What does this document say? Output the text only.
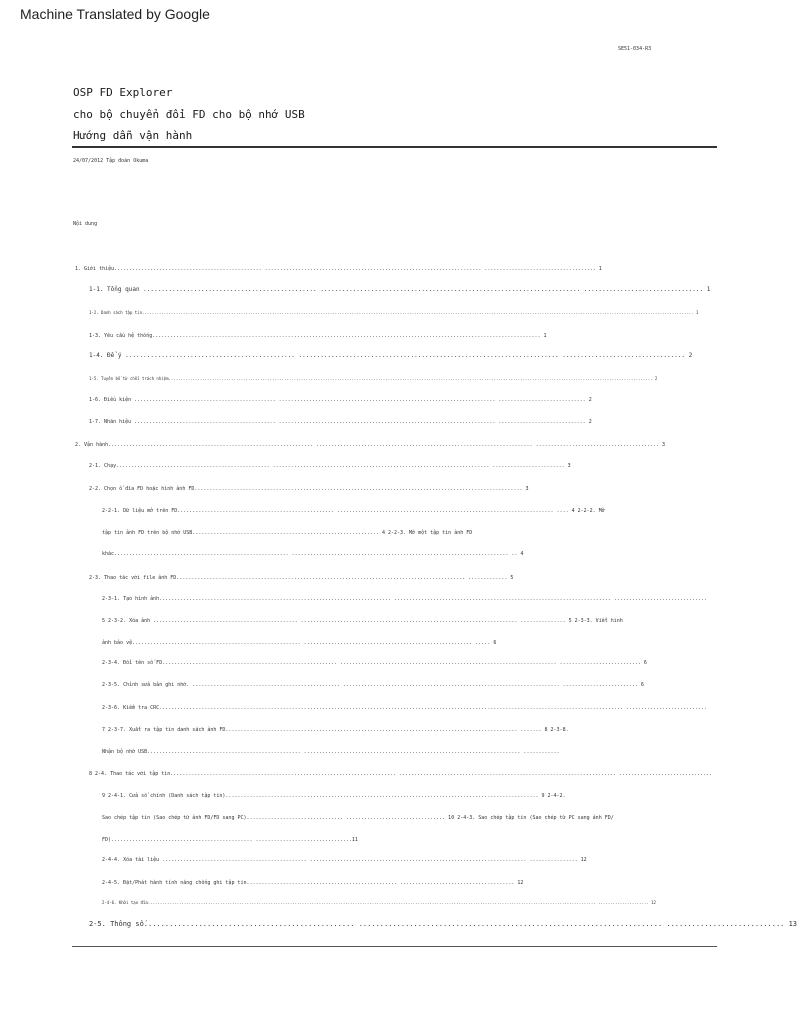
Machine Translated by Google
SE51-034-R3
OSP FD Explorer
cho bộ chuyển đổi FD cho bộ nhớ USB
Hướng dẫn vận hành
24/07/2012 Tập đoàn Okuma
Nội dung
1. Giới thiệu................................................. ........................................................................ ..................................... 1
1-1. Tổng quan ................................................ ........................................................................ ................................. 1
1-2. Danh sách tập tin..................................................................................................................................................................................................................................... 1
1-3. Yêu cầu hệ thống................................................................................................................................. 1
1-4. Để ý ............................................... ........................................................................ .................................. 2
1-5. Tuyên bố từ chối trách nhiệm......................................................................................................................................................................................................... 2
1-6. Điều kiện ............................................... ........................................................................ ............................. 2
1-7. Nhãn hiệu ............................................... ........................................................................ ............................. 2
2. Vận hành.................................................................... ........................................................................ ......................................... 3
2-1. Chạy................................................... ........................................................................ ........................ 3
2-2. Chọn ổ đĩa FD hoặc hình ảnh FD............................................................................................................. 3
2-2-1. Dữ liệu mở trên FD.................................................... ........................................................................ .... 4 2-2-2. Mở
tập tin ảnh FD trên bộ nhớ USB.............................................................. 4 2-2-3. Mở một tập tin ảnh FD
khác.......................................................... ........................................................................ .. 4
2-3. Thao tác với file ảnh FD................................................................................................ ............. 5
2-3-1. Tạo hình ảnh............................................................................. ........................................................................ ...............................
5 2-3-2. Xóa ảnh ................................................ ........................................................................ ............... 5 2-3-3. Viết hình
ảnh bảo vệ........................................................ ........................................................ ..... 6
2-3-4. Đổi tên số FD.......................................................... ........................................................................ ........................... 6
2-3-5. Chỉnh sửa bản ghi nhớ. ................................................. ........................................................................ ......................... 6
2-3-6. Kiểm tra CRC.......................................................................................................................................................... ...........................
7 2-3-7. Xuất ra tập tin danh sách ảnh FD................................................................................................. ....... 8 2-3-8.
Nhận bộ nhớ USB................................................... ........................................................................ ............
8 2-4. Thao tác với tập tin........................................................................... ........................................................................ ...............................
9 2-4-1. Cửa sổ chính (Danh sách tập tin)........................................................................................................ 9 2-4-2.
Sao chép tập tin (Sao chép từ ảnh FD/FD sang PC)................................ ................................. 10 2-4-3. Sao chép tập tin (Sao chép từ PC sang ảnh FD/
FD)............................................... ................................11
2-4-4. Xóa tài liệu ................................................ ........................................................................ ................ 12
2-4-5. Đặt/Phát hành tính năng chống ghi tập tin.................................................. ...................................... 12
2-4-6. Khởi tạo đĩa.......................................................................................................................................................................................... ..................... 12
2-5. Thông số.................................................. ........................................................................ ............................ 13
